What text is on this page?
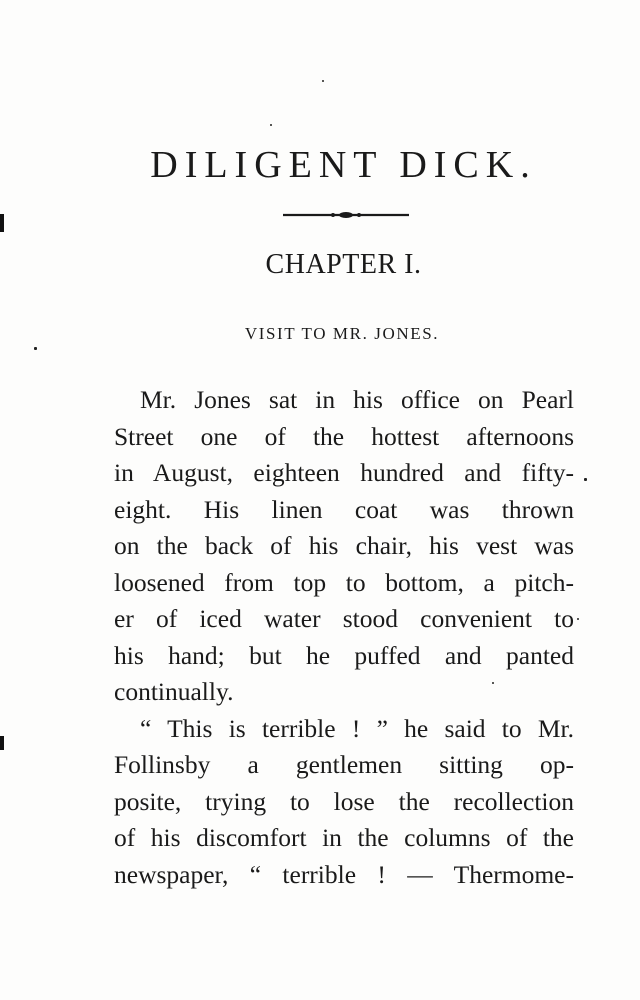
DILIGENT DICK.
CHAPTER I.
VISIT TO MR. JONES.
Mr. Jones sat in his office on Pearl
Street one of the hottest afternoons
in August, eighteen hundred and fifty-
eight. His linen coat was thrown
on the back of his chair, his vest was
loosened from top to bottom, a pitch-
er of iced water stood convenient to
his hand; but he puffed and panted
continually.
“ This is terrible ! ” he said to Mr.
Follinsby a gentlemen sitting op-
posite, trying to lose the recollection
of his discomfort in the columns of the
newspaper, “ terrible ! — Thermome-
